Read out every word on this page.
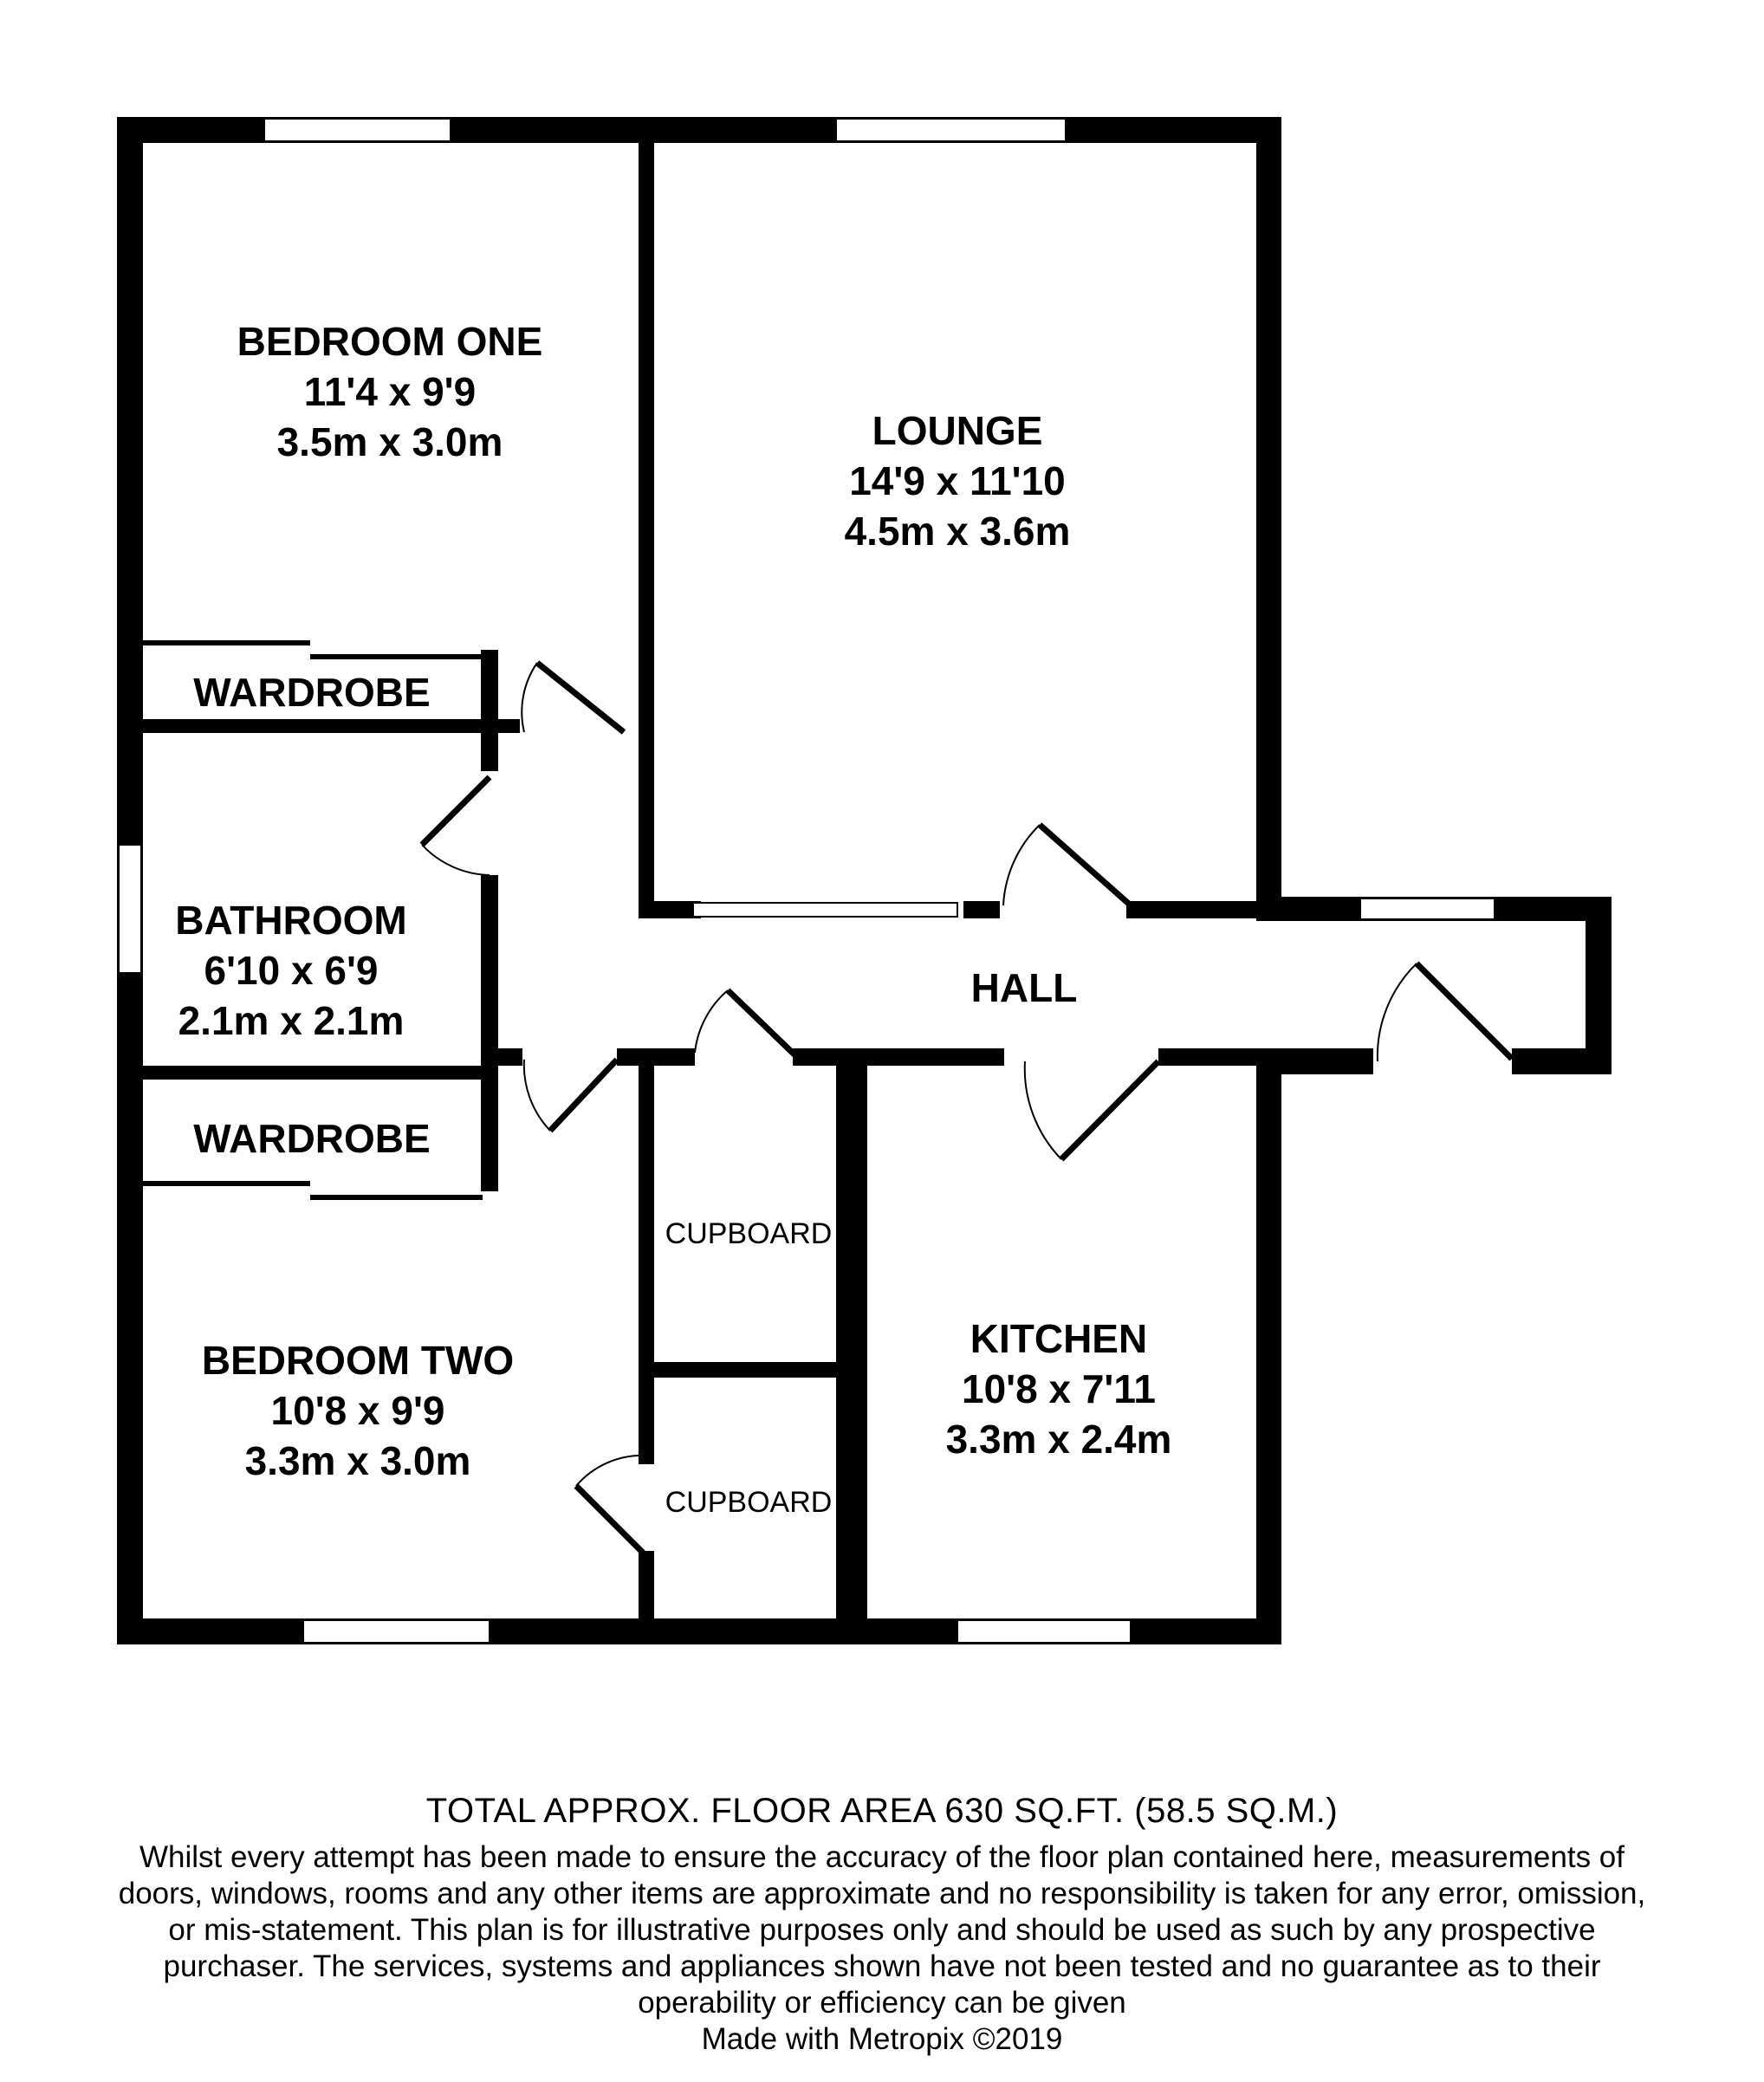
BEDROOM ONE
11'4 x 9'9
3.5m x 3.0m	LOUNGE
14'9 x 11'10
4.5m x 3.6m
BATHROOM
6'10 x 6'9
2.1m x 2.1m
HALL
BEDROOM TWO
10'8 x 9'9
3.3m x 3.0m
KITCHEN
10'8 x 7'11
3.3m x 2.4m
WARDROBE
WARDROBE
CUPBOARD
CUPBOARD
TOTAL APPROX. FLOOR AREA 630 SQ.FT. (58.5 SQ.M.)
Whilst every attempt has been made to ensure the accuracy of the floor plan contained here, measurements of doors, windows, rooms and any other items are approximate and no responsibility is taken for any error, omission, or mis-statement. This plan is for illustrative purposes only and should be used as such by any prospective purchaser. The services, systems and appliances shown have not been tested and no guarantee as to their operability or efficiency can be given
Made with Metropix ©2019
